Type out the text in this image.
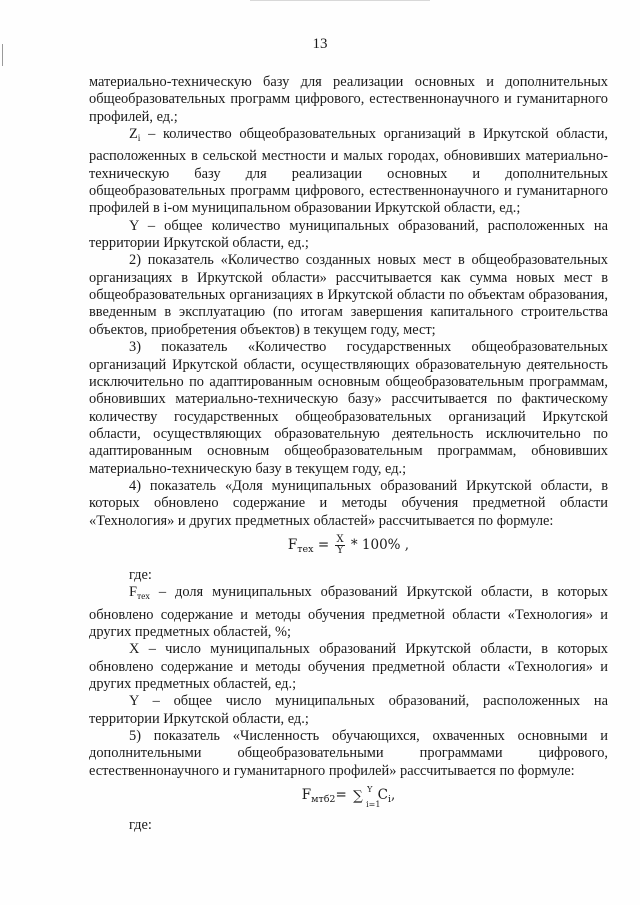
13

материально-техническую базу для реализации основных и дополнительных общеобразовательных программ цифрового, естественнонаучного и гуманитарного профилей, ед.;

$Z_i$ – количество общеобразовательных организаций в Иркутской области, расположенных в сельской местности и малых городах, обновивших материально-техническую базу для реализации основных и дополнительных общеобразовательных программ цифрового, естественнонаучного и гуманитарного профилей в i-ом муниципальном образовании Иркутской области, ед.;

Y – общее количество муниципальных образований, расположенных на территории Иркутской области, ед.;

2) показатель «Количество созданных новых мест в общеобразовательных организациях в Иркутской области» рассчитывается как сумма новых мест в общеобразовательных организациях в Иркутской области по объектам образования, введенным в эксплуатацию (по итогам завершения капитального строительства объектов, приобретения объектов) в текущем году, мест;

3) показатель «Количество государственных общеобразовательных организаций Иркутской области, осуществляющих образовательную деятельность исключительно по адаптированным основным общеобразовательным программам, обновивших материально-техническую базу» рассчитывается по фактическому количеству государственных общеобразовательных организаций Иркутской области, осуществляющих образовательную деятельность исключительно по адаптированным основным общеобразовательным программам, обновивших материально-техническую базу в текущем году, ед.;

4) показатель «Доля муниципальных образований Иркутской области, в которых обновлено содержание и методы обучения предметной области «Технология» и других предметных областей» рассчитывается по формуле:

$F_{тех} = \frac{X}{Y} * 100\%$ ,

где:

$F_{тех}$ – доля муниципальных образований Иркутской области, в которых обновлено содержание и методы обучения предметной области «Технология» и других предметных областей, %;

X – число муниципальных образований Иркутской области, в которых обновлено содержание и методы обучения предметной области «Технология» и других предметных областей, ед.;

Y – общее число муниципальных образований, расположенных на территории Иркутской области, ед.;

5) показатель «Численность обучающихся, охваченных основными и дополнительными общеобразовательными программами цифрового, естественнонаучного и гуманитарного профилей» рассчитывается по формуле:

$F_{мтб2}=$ ∑ Y
i=1
$C_i$,

где:
